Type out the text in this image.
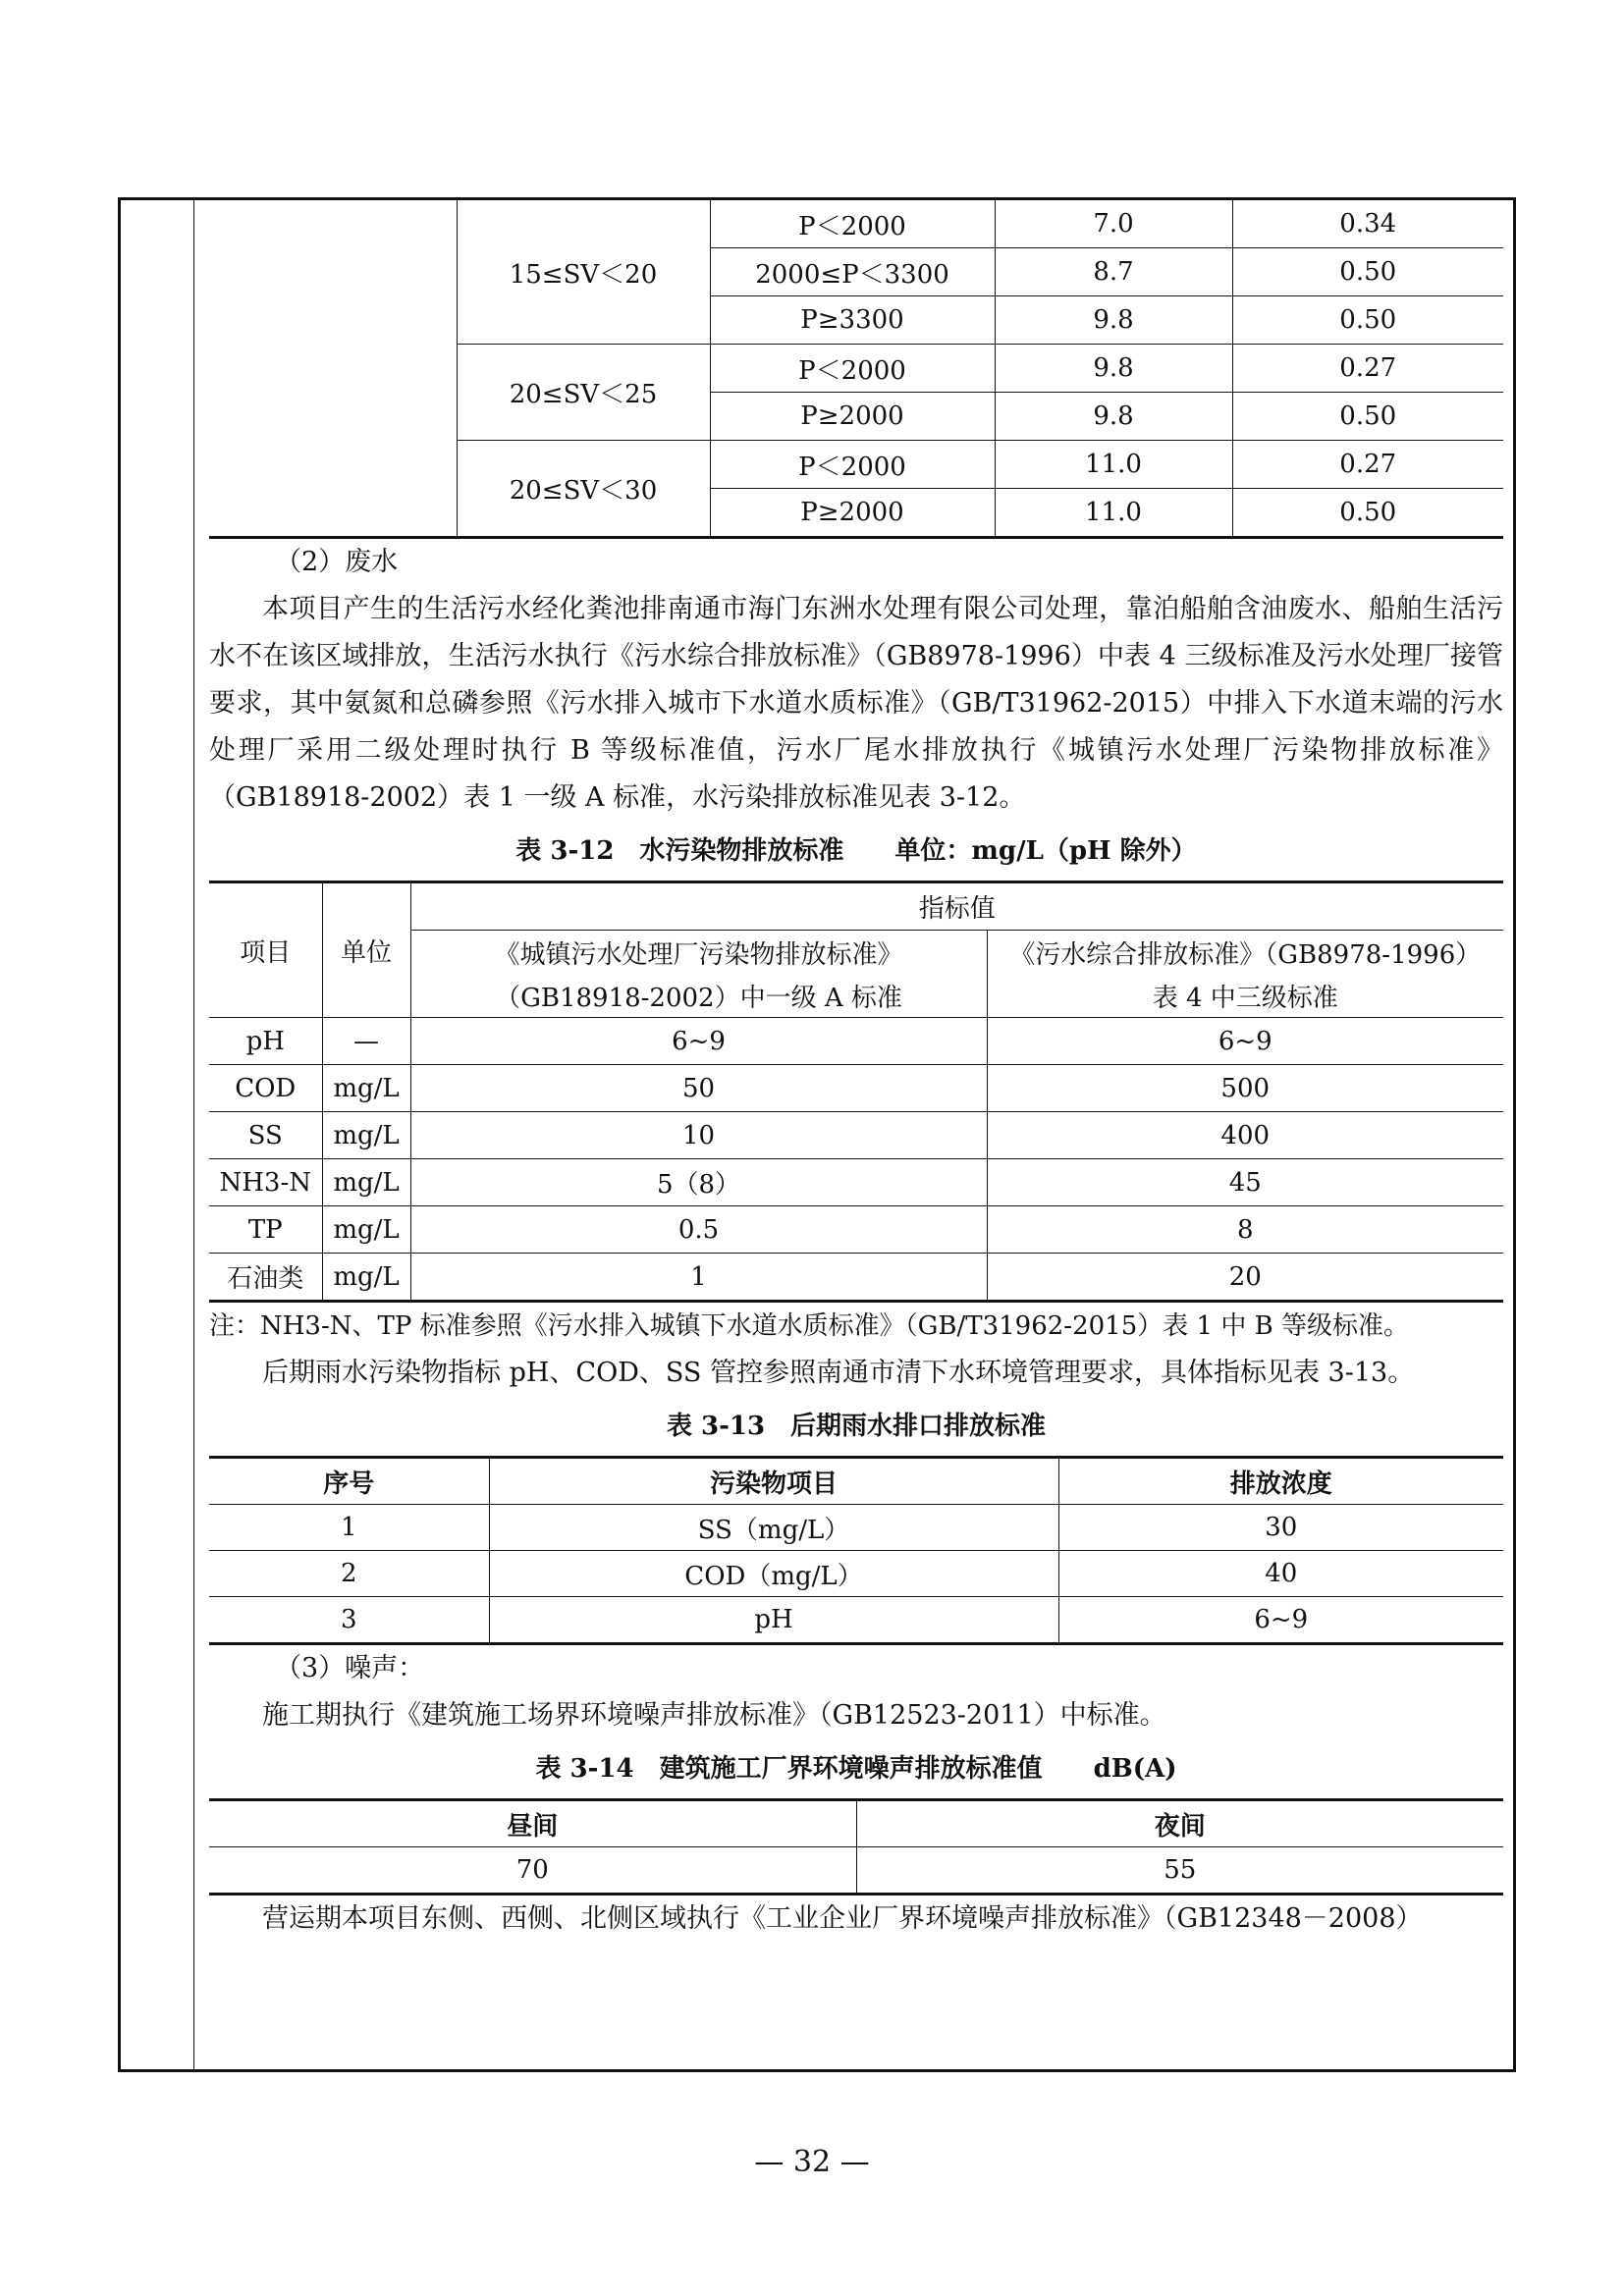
	15≤SV＜20	P＜2000	7.0	0.34
		2000≤P＜3300	8.7	0.50
		P≥3300	9.8	0.50
	20≤SV＜25	P＜2000	9.8	0.27
		P≥2000	9.8	0.50
	20≤SV＜30	P＜2000	11.0	0.27
		P≥2000	11.0	0.50

（2）废水

本项目产生的生活污水经化粪池排南通市海门东洲水处理有限公司处理，靠泊船舶含油废水、船舶生活污水不在该区域排放，生活污水执行《污水综合排放标准》（GB8978-1996）中表 4 三级标准及污水处理厂接管要求，其中氨氮和总磷参照《污水排入城市下水道水质标准》（GB/T31962-2015）中排入下水道末端的污水处理厂采用二级处理时执行 B 等级标准值，污水厂尾水排放执行《城镇污水处理厂污染物排放标准》（GB18918-2002）表 1 一级 A 标准，水污染排放标准见表 3-12。

表 3-12　水污染物排放标准　　单位：mg/L（pH 除外）

项目	单位	指标值	
		《城镇污水处理厂污染物排放标准》	《污水综合排放标准》（GB8978-1996）
		（GB18918-2002）中一级 A 标准	表 4 中三级标准
pH	—	6~9	6~9
COD	mg/L	50	500
SS	mg/L	10	400
NH3-N	mg/L	5（8）	45
TP	mg/L	0.5	8
石油类	mg/L	1	20

注：NH3-N、TP 标准参照《污水排入城镇下水道水质标准》（GB/T31962-2015）表 1 中 B 等级标准。

后期雨水污染物指标 pH、COD、SS 管控参照南通市清下水环境管理要求，具体指标见表 3-13。

表 3-13　后期雨水排口排放标准

序号	污染物项目	排放浓度
1	SS（mg/L）	30
2	COD（mg/L）	40
3	pH	6~9

（3）噪声：

施工期执行《建筑施工场界环境噪声排放标准》（GB12523-2011）中标准。

表 3-14　建筑施工厂界环境噪声排放标准值　　dB(A)

昼间	夜间
70	55

营运期本项目东侧、西侧、北侧区域执行《工业企业厂界环境噪声排放标准》（GB12348－2008）

— 32 —
